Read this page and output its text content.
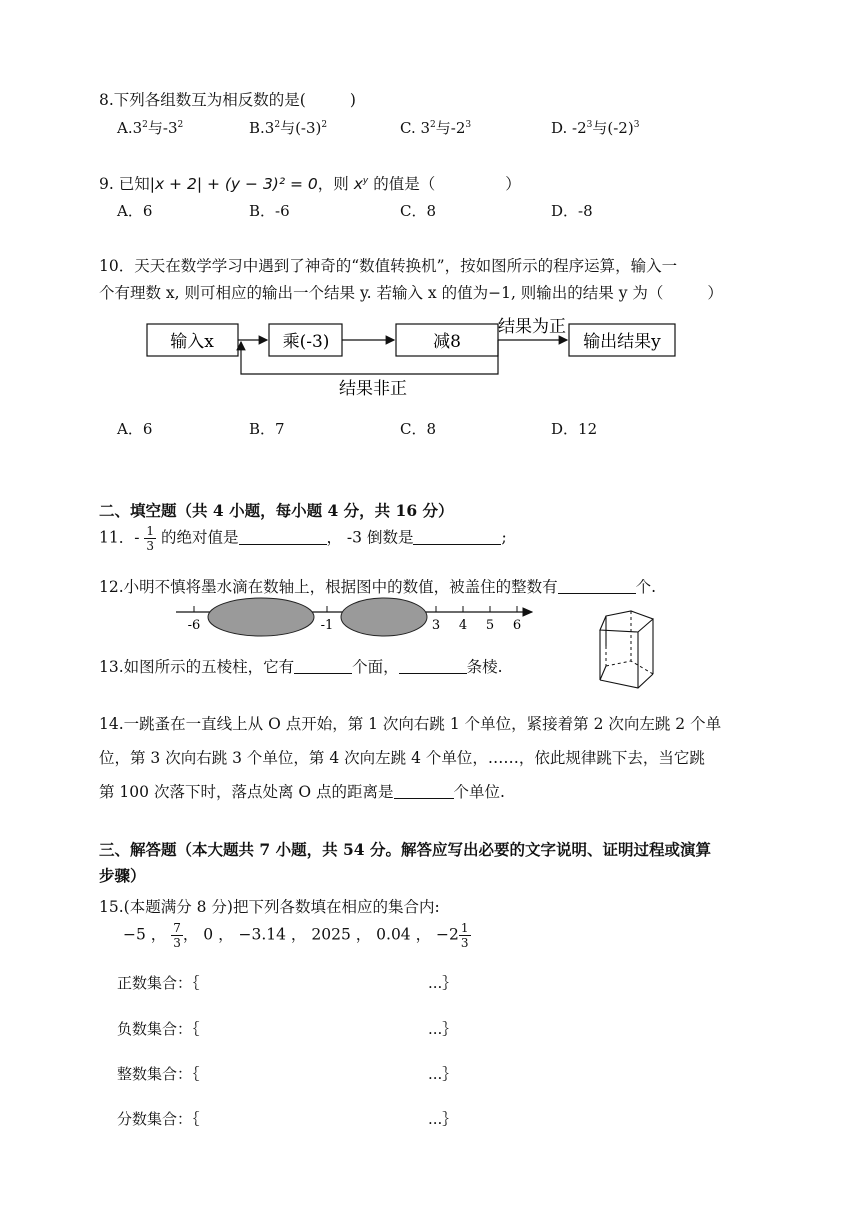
8.下列各组数互为相反数的是(	)
$A.3^2$与$-3^2$	$B.3^2$与$(-3)^2$	C. $3^2$与$-2^3$	D. $-2^3$与$(-2)^3$
9. 已知|x + 2| + (y − 3)² = 0，则 $x^y$ 的值是（	）
A．6	B．-6	C．8	D．-8
10．天天在数学学习中遇到了神奇的“数值转换机”，按如图所示的程序运算，输入一
个有理数 x, 则可相应的输出一个结果 y. 若输入 x 的值为−1, 则输出的结果 y 为（	）
输入x	乘(-3)	减8
结果为正
输出结果y
结果非正
A．6	B．7	C．8	D．12
二、填空题（共 4 小题，每小题 4 分，共 16 分）
11．- $\frac{1}{3}$ 的绝对值是	， -3 倒数是	;
12.小明不慎将墨水滴在数轴上，根据图中的数值，被盖住的整数有	个.
-6	-1	3 4 5 6
13.如图所示的五棱柱，它有	个面，	条棱.
14.一跳蚤在一直线上从 O 点开始，第 1 次向右跳 1 个单位，紧接着第 2 次向左跳 2 个单
位，第 3 次向右跳 3 个单位，第 4 次向左跳 4 个单位，……，依此规律跳下去，当它跳
第 100 次落下时，落点处离 O 点的距离是	个单位.
三、解答题（本大题共 7 小题，共 54 分。解答应写出必要的文字说明、证明过程或演算
步骤）
15.(本题满分 8 分)把下列各数填在相应的集合内:
−5 ， $\frac{7}{3}$ ， 0 ， −3.14 ， 2025 ， 0.04 ， $-2 \frac{1}{3}$
正数集合：｛	...｝
负数集合：｛	...｝
整数集合：｛	...｝
分数集合：｛	...｝
